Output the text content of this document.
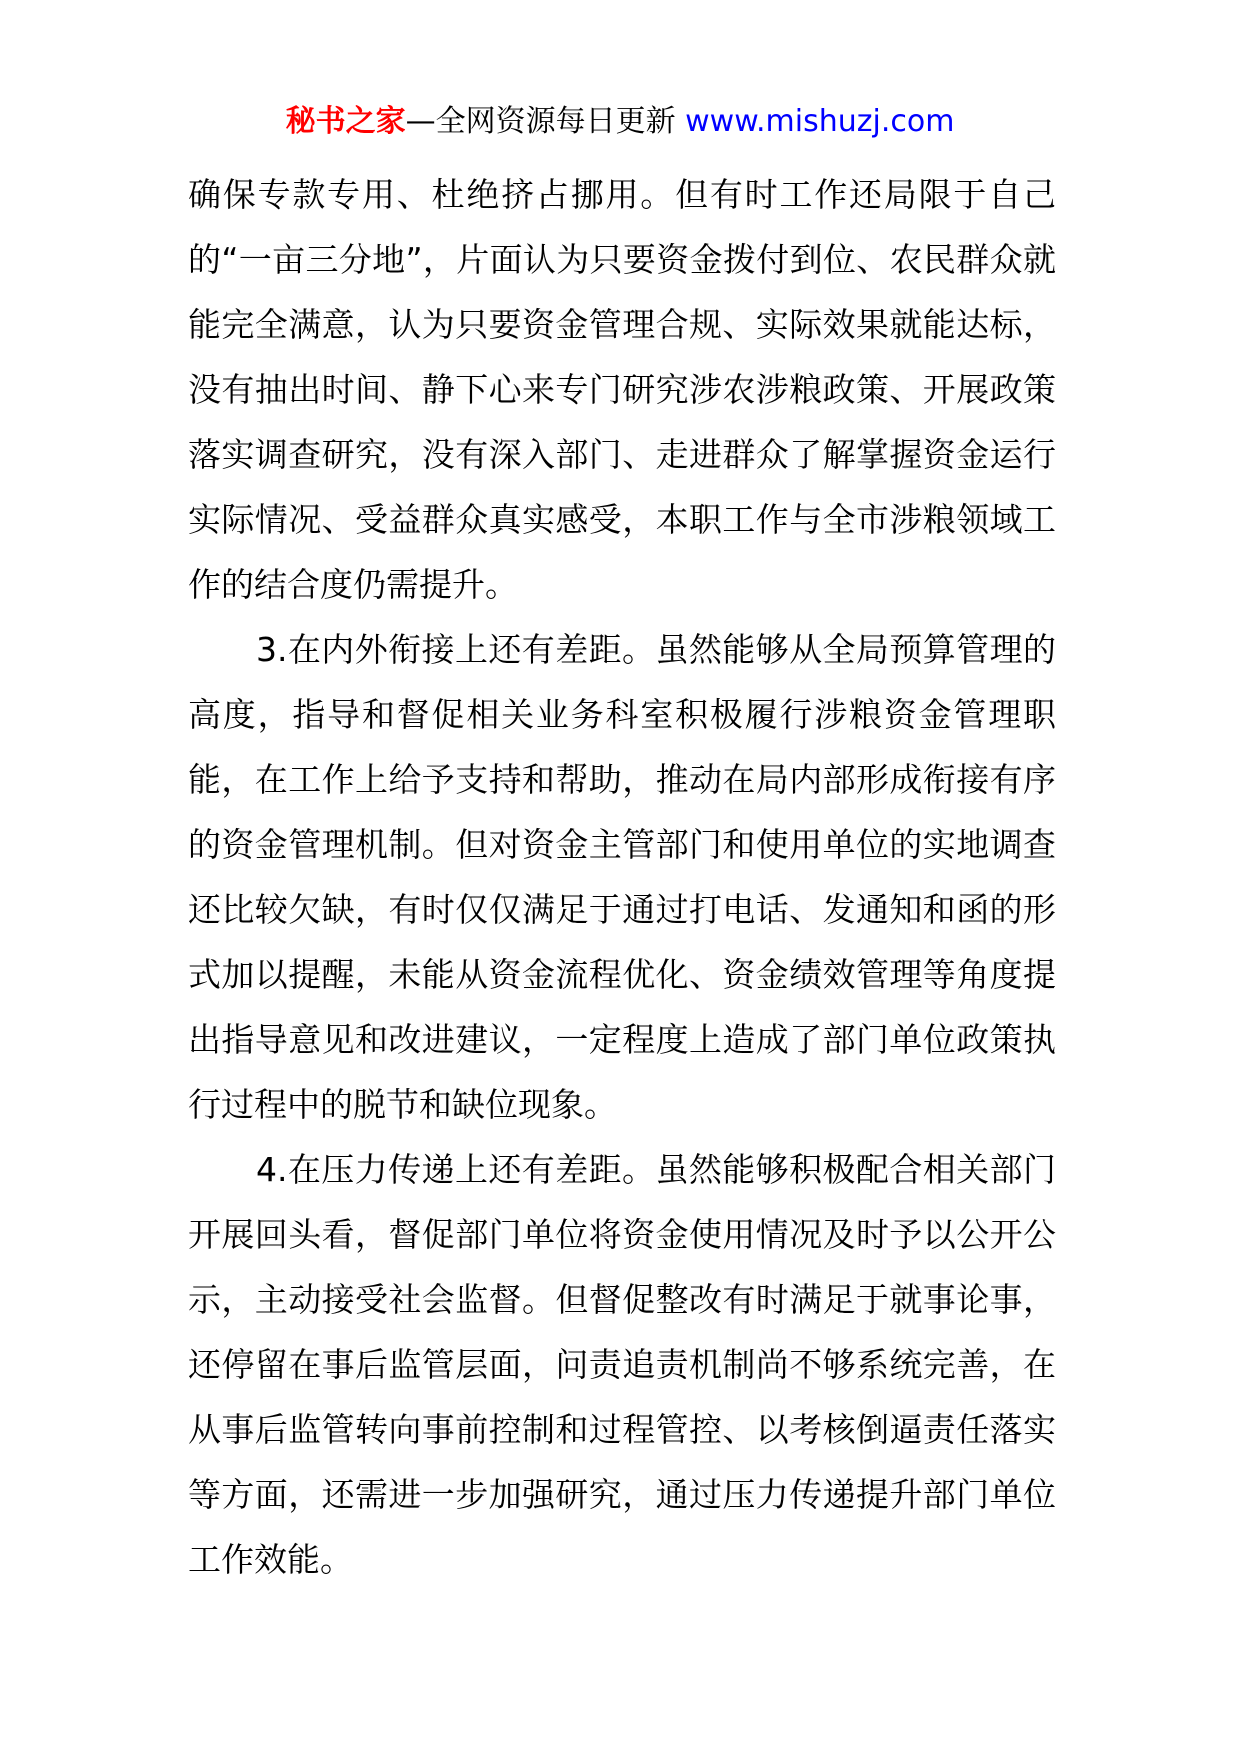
秘书之家—全网资源每日更新 www.mishuzj.com

确保专款专用、杜绝挤占挪用。但有时工作还局限于自己的“一亩三分地”，片面认为只要资金拨付到位、农民群众就能完全满意，认为只要资金管理合规、实际效果就能达标，没有抽出时间、静下心来专门研究涉农涉粮政策、开展政策落实调查研究，没有深入部门、走进群众了解掌握资金运行实际情况、受益群众真实感受，本职工作与全市涉粮领域工作的结合度仍需提升。

3.在内外衔接上还有差距。虽然能够从全局预算管理的高度，指导和督促相关业务科室积极履行涉粮资金管理职能，在工作上给予支持和帮助，推动在局内部形成衔接有序的资金管理机制。但对资金主管部门和使用单位的实地调查还比较欠缺，有时仅仅满足于通过打电话、发通知和函的形式加以提醒，未能从资金流程优化、资金绩效管理等角度提出指导意见和改进建议，一定程度上造成了部门单位政策执行过程中的脱节和缺位现象。

4.在压力传递上还有差距。虽然能够积极配合相关部门开展回头看，督促部门单位将资金使用情况及时予以公开公示，主动接受社会监督。但督促整改有时满足于就事论事，还停留在事后监管层面，问责追责机制尚不够系统完善，在从事后监管转向事前控制和过程管控、以考核倒逼责任落实等方面，还需进一步加强研究，通过压力传递提升部门单位工作效能。
